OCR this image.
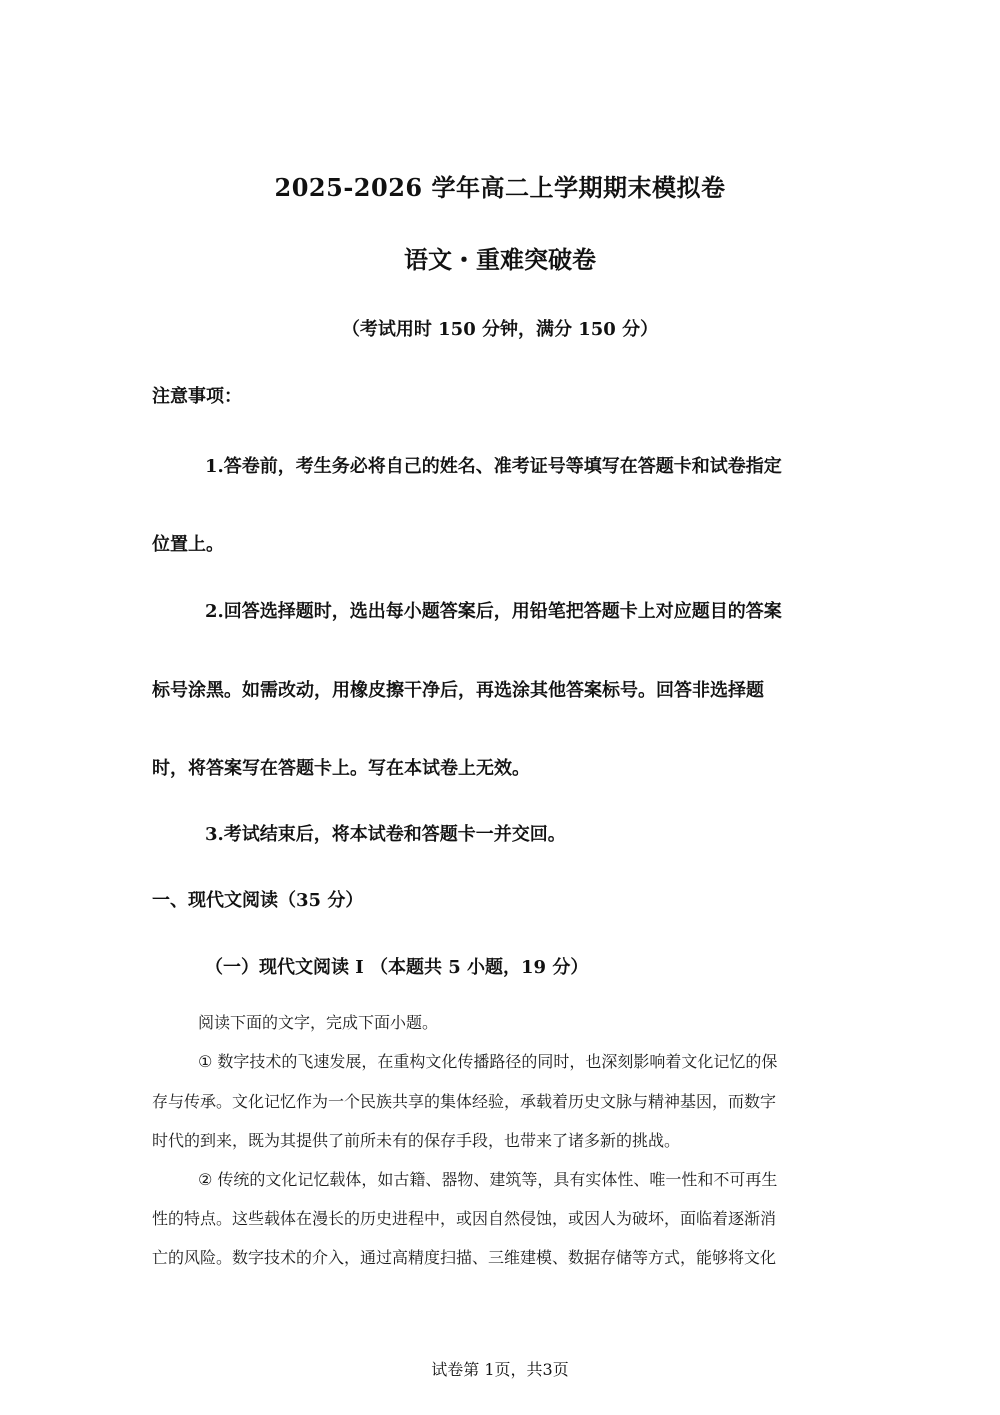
2025-2026 学年高二上学期期末模拟卷
语文・重难突破卷
（考试用时 150 分钟，满分 150 分）
注意事项：
1.答卷前，考生务必将自己的姓名、准考证号等填写在答题卡和试卷指定
位置上。
2.回答选择题时，选出每小题答案后，用铅笔把答题卡上对应题目的答案
标号涂黑。如需改动，用橡皮擦干净后，再选涂其他答案标号。回答非选择题
时，将答案写在答题卡上。写在本试卷上无效。
3.考试结束后，将本试卷和答题卡一并交回。
一、现代文阅读（35 分）
（一）现代文阅读 Ⅰ （本题共 5 小题，19 分）
阅读下面的文字，完成下面小题。
① 数字技术的飞速发展，在重构文化传播路径的同时，也深刻影响着文化记忆的保
存与传承。文化记忆作为一个民族共享的集体经验，承载着历史文脉与精神基因，而数字
时代的到来，既为其提供了前所未有的保存手段，也带来了诸多新的挑战。
② 传统的文化记忆载体，如古籍、器物、建筑等，具有实体性、唯一性和不可再生
性的特点。这些载体在漫长的历史进程中，或因自然侵蚀，或因人为破坏，面临着逐渐消
亡的风险。数字技术的介入，通过高精度扫描、三维建模、数据存储等方式，能够将文化
试卷第 1页，共3页
